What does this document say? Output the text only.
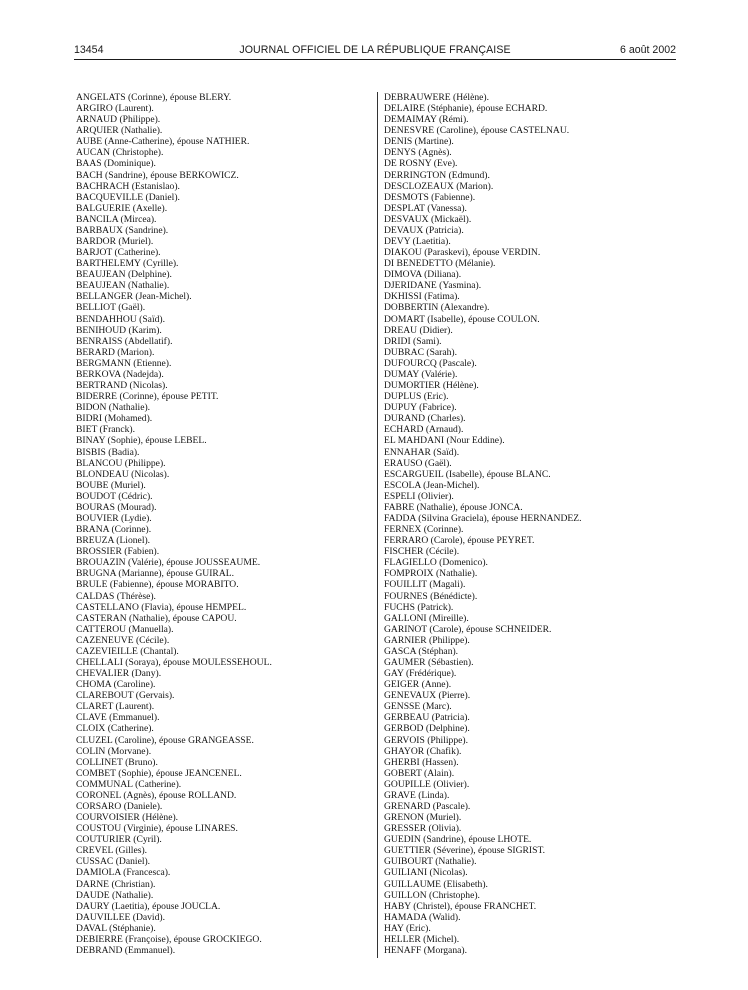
13454	JOURNAL OFFICIEL DE LA RÉPUBLIQUE FRANÇAISE	6 août 2002
ANGELATS (Corinne), épouse BLERY.
ARGIRO (Laurent).
ARNAUD (Philippe).
ARQUIER (Nathalie).
AUBE (Anne-Catherine), épouse NATHIER.
AUCAN (Christophe).
BAAS (Dominique).
BACH (Sandrine), épouse BERKOWICZ.
BACHRACH (Estanislao).
BACQUEVILLE (Daniel).
BALGUERIE (Axelle).
BANCILA (Mircea).
BARBAUX (Sandrine).
BARDOR (Muriel).
BARJOT (Catherine).
BARTHELEMY (Cyrille).
BEAUJEAN (Delphine).
BEAUJEAN (Nathalie).
BELLANGER (Jean-Michel).
BELLIOT (Gaël).
BENDAHHOU (Saïd).
BENIHOUD (Karim).
BENRAISS (Abdellatif).
BERARD (Marion).
BERGMANN (Etienne).
BERKOVA (Nadejda).
BERTRAND (Nicolas).
BIDERRE (Corinne), épouse PETIT.
BIDON (Nathalie).
BIDRI (Mohamed).
BIET (Franck).
BINAY (Sophie), épouse LEBEL.
BISBIS (Badia).
BLANCOU (Philippe).
BLONDEAU (Nicolas).
BOUBE (Muriel).
BOUDOT (Cédric).
BOURAS (Mourad).
BOUVIER (Lydie).
BRANA (Corinne).
BREUZA (Lionel).
BROSSIER (Fabien).
BROUAZIN (Valérie), épouse JOUSSEAUME.
BRUGNA (Marianne), épouse GUIRAL.
BRULE (Fabienne), épouse MORABITO.
CALDAS (Thérèse).
CASTELLANO (Flavia), épouse HEMPEL.
CASTERAN (Nathalie), épouse CAPOU.
CATTEROU (Manuella).
CAZENEUVE (Cécile).
CAZEVIEILLE (Chantal).
CHELLALI (Soraya), épouse MOULESSEHOUL.
CHEVALIER (Dany).
CHOMA (Caroline).
CLAREBOUT (Gervais).
CLARET (Laurent).
CLAVE (Emmanuel).
CLOIX (Catherine).
CLUZEL (Caroline), épouse GRANGEASSE.
COLIN (Morvane).
COLLINET (Bruno).
COMBET (Sophie), épouse JEANCENEL.
COMMUNAL (Catherine).
CORONEL (Agnès), épouse ROLLAND.
CORSARO (Daniele).
COURVOISIER (Hélène).
COUSTOU (Virginie), épouse LINARES.
COUTURIER (Cyril).
CREVEL (Gilles).
CUSSAC (Daniel).
DAMIOLA (Francesca).
DARNE (Christian).
DAUDE (Nathalie).
DAURY (Laetitia), épouse JOUCLA.
DAUVILLEE (David).
DAVAL (Stéphanie).
DEBIERRE (Françoise), épouse GROCKIEGO.
DEBRAND (Emmanuel).
DEBRAUWERE (Hélène).
DELAIRE (Stéphanie), épouse ECHARD.
DEMAIMAY (Rémi).
DENESVRE (Caroline), épouse CASTELNAU.
DENIS (Martine).
DENYS (Agnès).
DE ROSNY (Eve).
DERRINGTON (Edmund).
DESCLOZEAUX (Marion).
DESMOTS (Fabienne).
DESPLAT (Vanessa).
DESVAUX (Mickaël).
DEVAUX (Patricia).
DEVY (Laetitia).
DIAKOU (Paraskevi), épouse VERDIN.
DI BENEDETTO (Mélanie).
DIMOVA (Diliana).
DJERIDANE (Yasmina).
DKHISSI (Fatima).
DOBBERTIN (Alexandre).
DOMART (Isabelle), épouse COULON.
DREAU (Didier).
DRIDI (Sami).
DUBRAC (Sarah).
DUFOURCQ (Pascale).
DUMAY (Valérie).
DUMORTIER (Hélène).
DUPLUS (Eric).
DUPUY (Fabrice).
DURAND (Charles).
ECHARD (Arnaud).
EL MAHDANI (Nour Eddine).
ENNAHAR (Saïd).
ERAUSO (Gaël).
ESCARGUEIL (Isabelle), épouse BLANC.
ESCOLA (Jean-Michel).
ESPELI (Olivier).
FABRE (Nathalie), épouse JONCA.
FADDA (Silvina Graciela), épouse HERNANDEZ.
FERNEX (Corinne).
FERRARO (Carole), épouse PEYRET.
FISCHER (Cécile).
FLAGIELLO (Domenico).
FOMPROIX (Nathalie).
FOUILLIT (Magali).
FOURNES (Bénédicte).
FUCHS (Patrick).
GALLONI (Mireille).
GARINOT (Carole), épouse SCHNEIDER.
GARNIER (Philippe).
GASCA (Stéphan).
GAUMER (Sébastien).
GAY (Frédérique).
GEIGER (Anne).
GENEVAUX (Pierre).
GENSSE (Marc).
GERBEAU (Patricia).
GERBOD (Delphine).
GERVOIS (Philippe).
GHAYOR (Chafik).
GHERBI (Hassen).
GOBERT (Alain).
GOUPILLE (Olivier).
GRAVE (Linda).
GRENARD (Pascale).
GRENON (Muriel).
GRESSER (Olivia).
GUEDIN (Sandrine), épouse LHOTE.
GUETTIER (Séverine), épouse SIGRIST.
GUIBOURT (Nathalie).
GUILIANI (Nicolas).
GUILLAUME (Elisabeth).
GUILLON (Christophe).
HABY (Christel), épouse FRANCHET.
HAMADA (Walid).
HAY (Eric).
HELLER (Michel).
HENAFF (Morgana).
